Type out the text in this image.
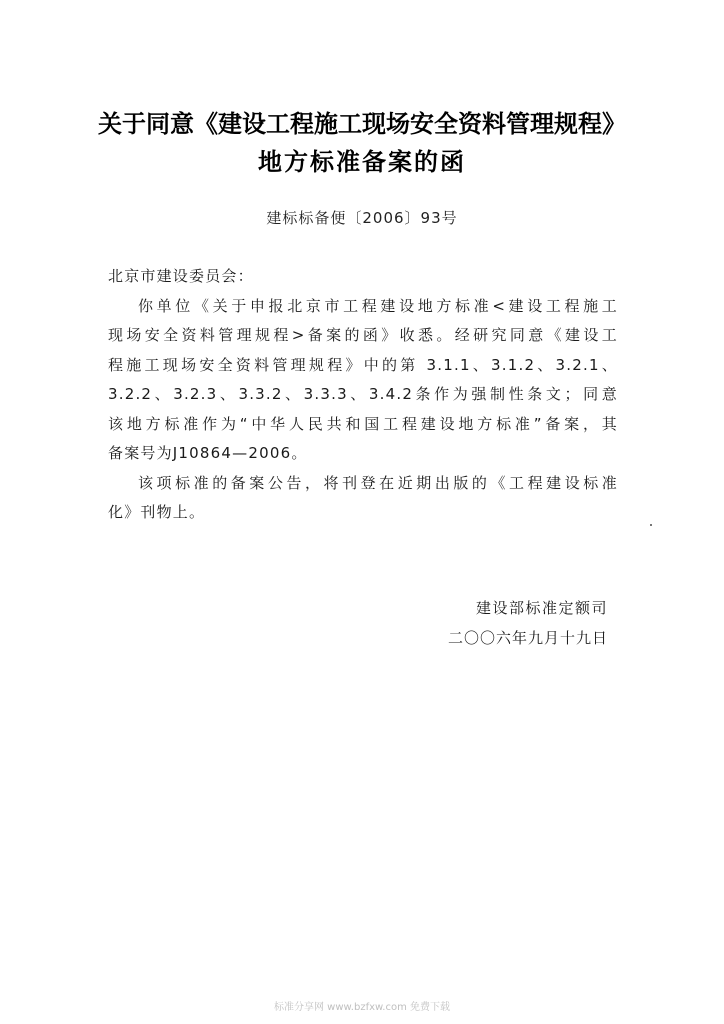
关于同意《建设工程施工现场安全资料管理规程》
地方标准备案的函
建标标备便〔2006〕93号
北京市建设委员会：
你单位《关于申报北京市工程建设地方标准<建设工程施工
现场安全资料管理规程>备案的函》收悉。经研究同意《建设工
程施工现场安全资料管理规程》中的第 3.1.1、3.1.2、3.2.1、
3.2.2、3.2.3、3.3.2、3.3.3、3.4.2条作为强制性条文；同意
该地方标准作为“中华人民共和国工程建设地方标准”备案，其
备案号为J10864—2006。
该项标准的备案公告，将刊登在近期出版的《工程建设标准
化》刊物上。
建设部标准定额司
二〇〇六年九月十九日
标准分享网 www.bzfxw.com 免费下载
